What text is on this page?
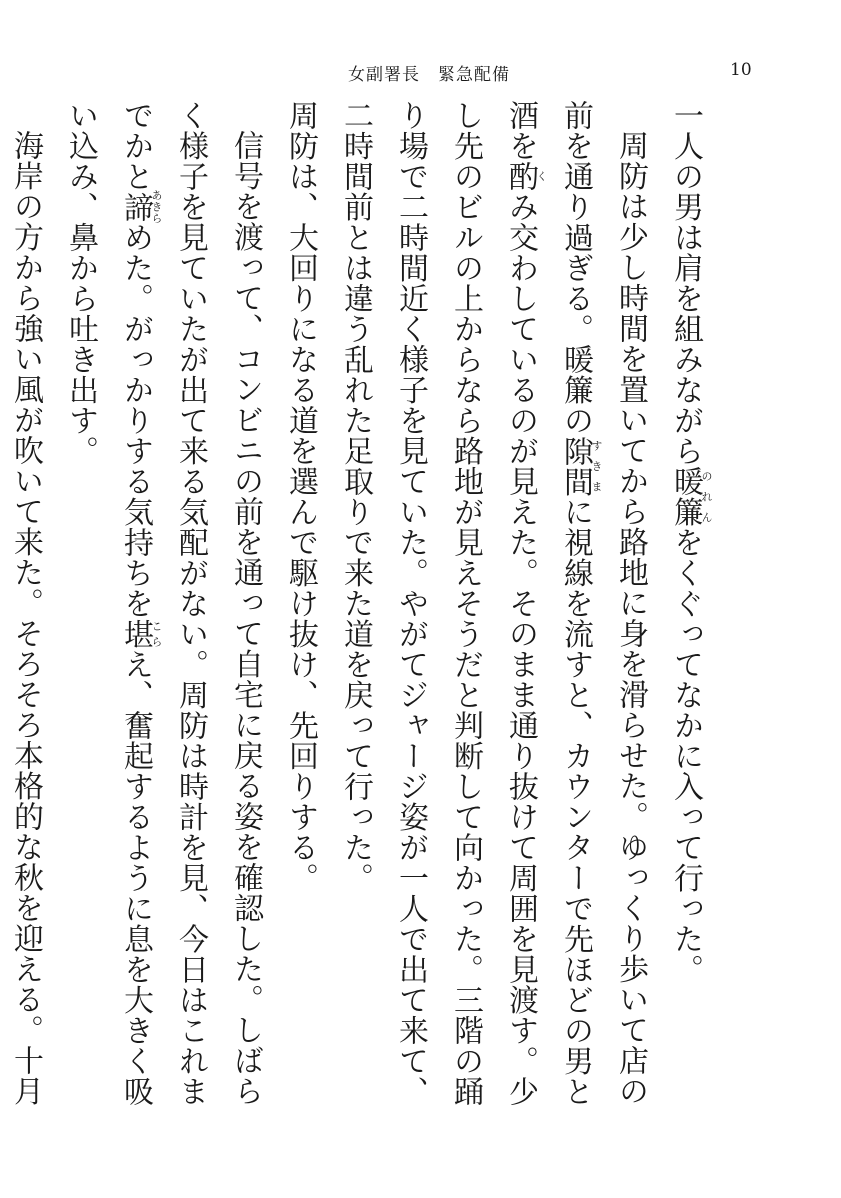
女副署長　緊急配備	10

一人の男は肩を組みながら暖簾のれんをくぐってなかに入って行った。

周防は少し時間を置いてから路地に身を滑らせた。ゆっくり歩いて店の前を通り過ぎる。暖簾の隙間すきまに視線を流すと、カウンターで先ほどの男と酒を酌くみ交わしているのが見えた。そのまま通り抜けて周囲を見渡す。少し先のビルの上からなら路地が見えそうだと判断して向かった。三階の踊り場で二時間近く様子を見ていた。やがてジャージ姿が一人で出て来て、二時間前とは違う乱れた足取りで来た道を戻って行った。

周防は、大回りになる道を選んで駆け抜け、先回りする。

信号を渡って、コンビニの前を通って自宅に戻る姿を確認した。しばらく様子を見ていたが出て来る気配がない。周防は時計を見、今日はこれまでかと諦あきらめた。がっかりする気持ちを堪こらえ、奮起するように息を大きく吸い込み、鼻から吐き出す。

海岸の方から強い風が吹いて来た。そろそろ本格的な秋を迎える。十月
